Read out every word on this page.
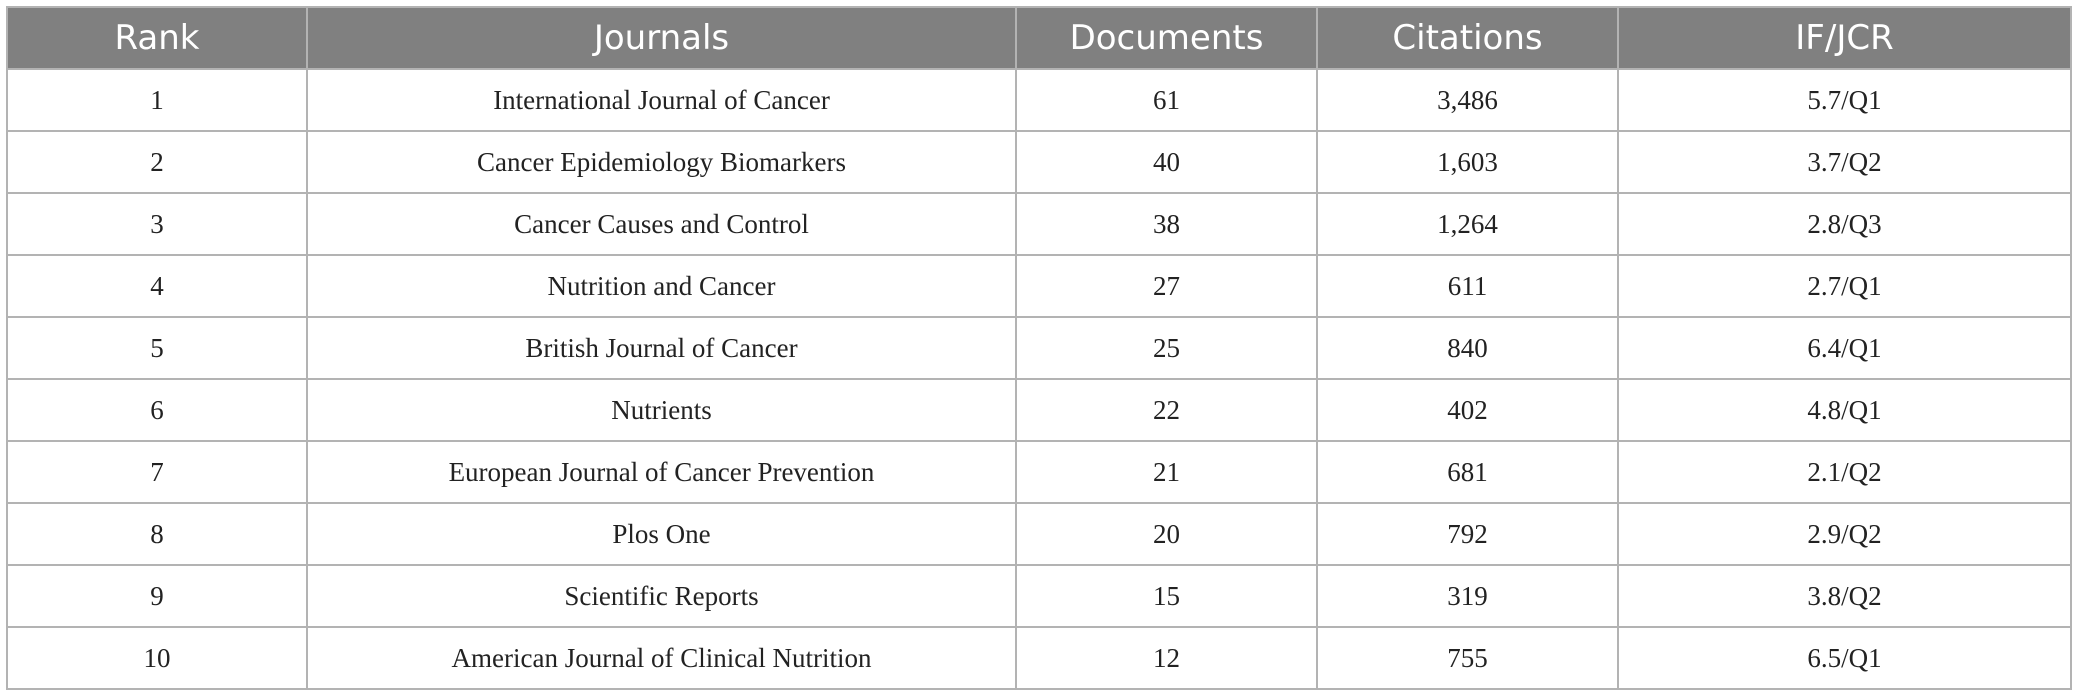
Rank	Journals	Documents	Citations	IF/JCR
1	International Journal of Cancer	61	3,486	5.7/Q1
2	Cancer Epidemiology Biomarkers	40	1,603	3.7/Q2
3	Cancer Causes and Control	38	1,264	2.8/Q3
4	Nutrition and Cancer	27	611	2.7/Q1
5	British Journal of Cancer	25	840	6.4/Q1
6	Nutrients	22	402	4.8/Q1
7	European Journal of Cancer Prevention	21	681	2.1/Q2
8	Plos One	20	792	2.9/Q2
9	Scientific Reports	15	319	3.8/Q2
10	American Journal of Clinical Nutrition	12	755	6.5/Q1
